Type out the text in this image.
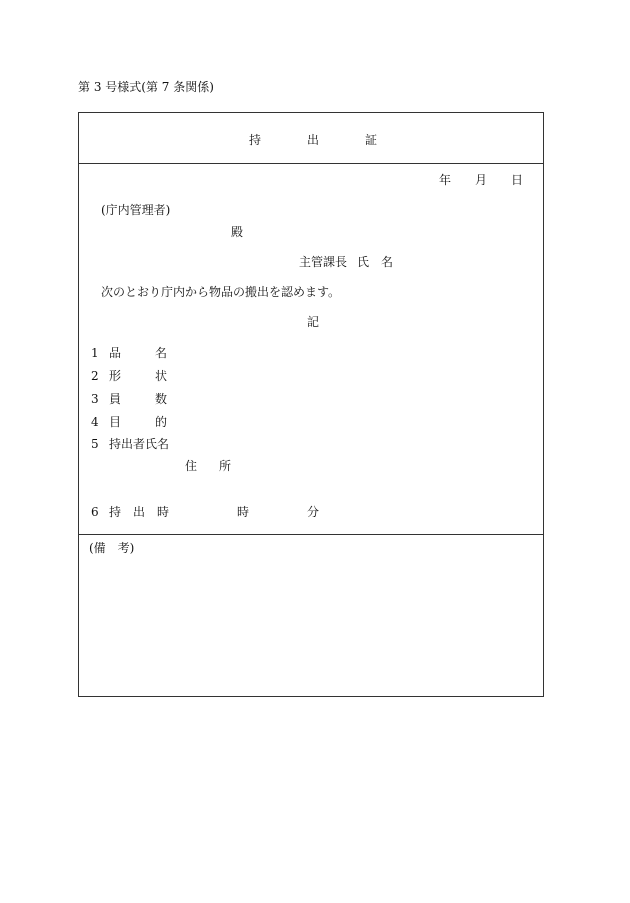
第 3 号様式(第 7 条関係)
持	出	証
年 月 日
(庁内管理者)
殿
主管課長 氏　名
次のとおり庁内から物品の搬出を認めます。
記
1 品	名
2 形	状
3 員	数
4 目	的
5 持出者氏名
住 所
6 持 出 時	時	分
(備　考)
